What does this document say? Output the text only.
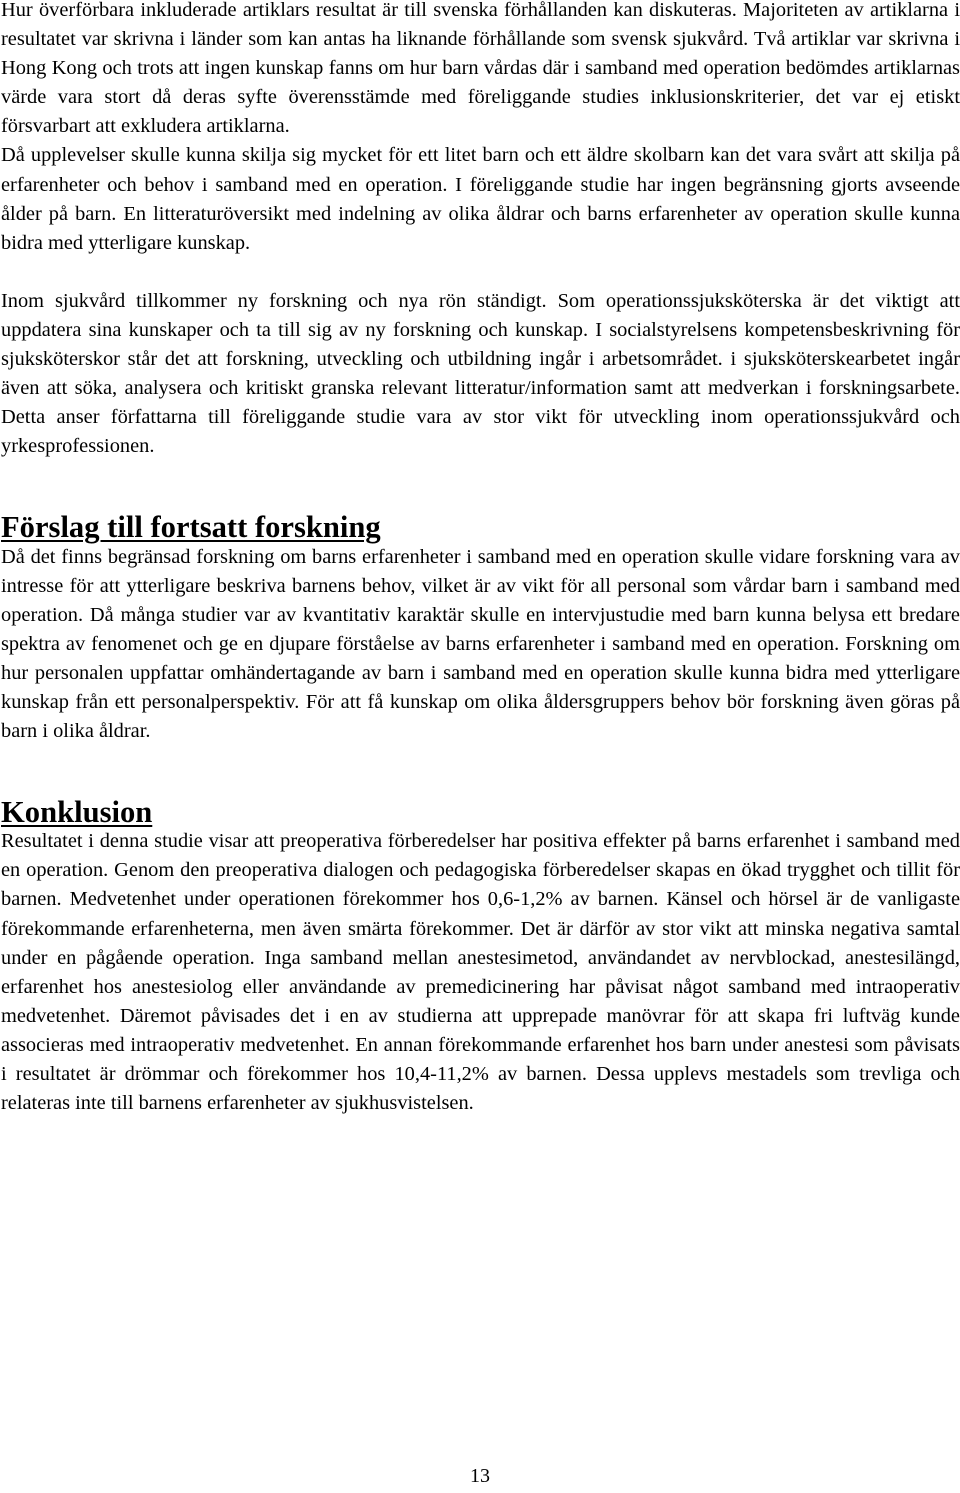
Hur överförbara inkluderade artiklars resultat är till svenska förhållanden kan diskuteras. Majoriteten av artiklarna i resultatet var skrivna i länder som kan antas ha liknande förhållande som svensk sjukvård. Två artiklar var skrivna i Hong Kong och trots att ingen kunskap fanns om hur barn vårdas där i samband med operation bedömdes artiklarnas värde vara stort då deras syfte överensstämde med föreliggande studies inklusionskriterier, det var ej etiskt försvarbart att exkludera artiklarna.

Då upplevelser skulle kunna skilja sig mycket för ett litet barn och ett äldre skolbarn kan det vara svårt att skilja på erfarenheter och behov i samband med en operation. I föreliggande studie har ingen begränsning gjorts avseende ålder på barn. En litteraturöversikt med indelning av olika åldrar och barns erfarenheter av operation skulle kunna bidra med ytterligare kunskap.

Inom sjukvård tillkommer ny forskning och nya rön ständigt. Som operationssjuksköterska är det viktigt att uppdatera sina kunskaper och ta till sig av ny forskning och kunskap. I socialstyrelsens kompetensbeskrivning för sjuksköterskor står det att forskning, utveckling och utbildning ingår i arbetsområdet. i sjuksköterskearbetet ingår även att söka, analysera och kritiskt granska relevant litteratur/information samt att medverkan i forskningsarbete. Detta anser författarna till föreliggande studie vara av stor vikt för utveckling inom operationssjukvård och yrkesprofessionen.

Förslag till fortsatt forskning

Då det finns begränsad forskning om barns erfarenheter i samband med en operation skulle vidare forskning vara av intresse för att ytterligare beskriva barnens behov, vilket är av vikt för all personal som vårdar barn i samband med operation. Då många studier var av kvantitativ karaktär skulle en intervjustudie med barn kunna belysa ett bredare spektra av fenomenet och ge en djupare förståelse av barns erfarenheter i samband med en operation. Forskning om hur personalen uppfattar omhändertagande av barn i samband med en operation skulle kunna bidra med ytterligare kunskap från ett personalperspektiv. För att få kunskap om olika åldersgruppers behov bör forskning även göras på barn i olika åldrar.

Konklusion

Resultatet i denna studie visar att preoperativa förberedelser har positiva effekter på barns erfarenhet i samband med en operation. Genom den preoperativa dialogen och pedagogiska förberedelser skapas en ökad trygghet och tillit för barnen. Medvetenhet under operationen förekommer hos 0,6-1,2% av barnen. Känsel och hörsel är de vanligaste förekommande erfarenheterna, men även smärta förekommer. Det är därför av stor vikt att minska negativa samtal under en pågående operation. Inga samband mellan anestesimetod, användandet av nervblockad, anestesilängd, erfarenhet hos anestesiolog eller användande av premedicinering har påvisat något samband med intraoperativ medvetenhet. Däremot påvisades det i en av studierna att upprepade manövrar för att skapa fri luftväg kunde associeras med intraoperativ medvetenhet. En annan förekommande erfarenhet hos barn under anestesi som påvisats i resultatet är drömmar och förekommer hos 10,4-11,2% av barnen. Dessa upplevs mestadels som trevliga och relateras inte till barnens erfarenheter av sjukhusvistelsen.

13
